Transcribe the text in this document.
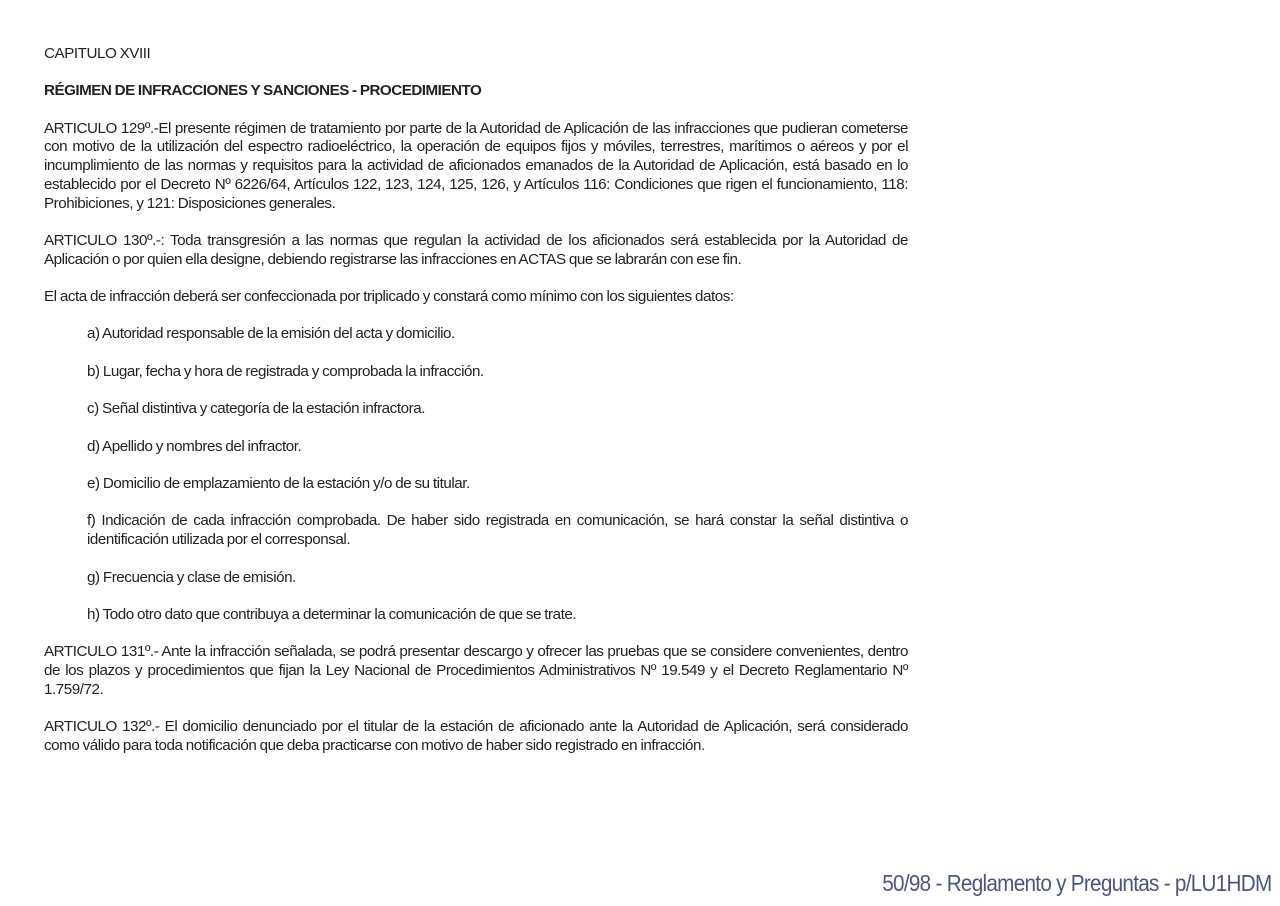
CAPITULO XVIII

RÉGIMEN DE INFRACCIONES Y SANCIONES - PROCEDIMIENTO

ARTICULO 129º.-El presente régimen de tratamiento por parte de la Autoridad de Aplicación de las infracciones que pudieran cometerse con motivo de la utilización del espectro radioeléctrico, la operación de equipos fijos y móviles, terrestres, marítimos o aéreos y por el incumplimiento de las normas y requisitos para la actividad de aficionados emanados de la Autoridad de Aplicación, está basado en lo establecido por el Decreto Nº 6226/64, Artículos 122, 123, 124, 125, 126, y Artículos 116: Condiciones que rigen el funcionamiento, 118: Prohibiciones, y 121: Disposiciones generales.

ARTICULO 130º.-: Toda transgresión a las normas que regulan la actividad de los aficionados será establecida por la Autoridad de Aplicación o por quien ella designe, debiendo registrarse las infracciones en ACTAS que se labrarán con ese fin.

El acta de infracción deberá ser confeccionada por triplicado y constará como mínimo con los siguientes datos:

a) Autoridad responsable de la emisión del acta y domicilio.

b) Lugar, fecha y hora de registrada y comprobada la infracción.

c) Señal distintiva y categoría de la estación infractora.

d) Apellido y nombres del infractor.

e) Domicilio de emplazamiento de la estación y/o de su titular.

f) Indicación de cada infracción comprobada. De haber sido registrada en comunicación, se hará constar la señal distintiva o identificación utilizada por el corresponsal.

g) Frecuencia y clase de emisión.

h) Todo otro dato que contribuya a determinar la comunicación de que se trate.

ARTICULO 131º.- Ante la infracción señalada, se podrá presentar descargo y ofrecer las pruebas que se considere convenientes, dentro de los plazos y procedimientos que fijan la Ley Nacional de Procedimientos Administrativos Nº 19.549 y el Decreto Reglamentario Nº 1.759/72.

ARTICULO 132º.- El domicilio denunciado por el titular de la estación de aficionado ante la Autoridad de Aplicación, será considerado como válido para toda notificación que deba practicarse con motivo de haber sido registrado en infracción.

50/98 - Reglamento y Preguntas - p/LU1HDM
